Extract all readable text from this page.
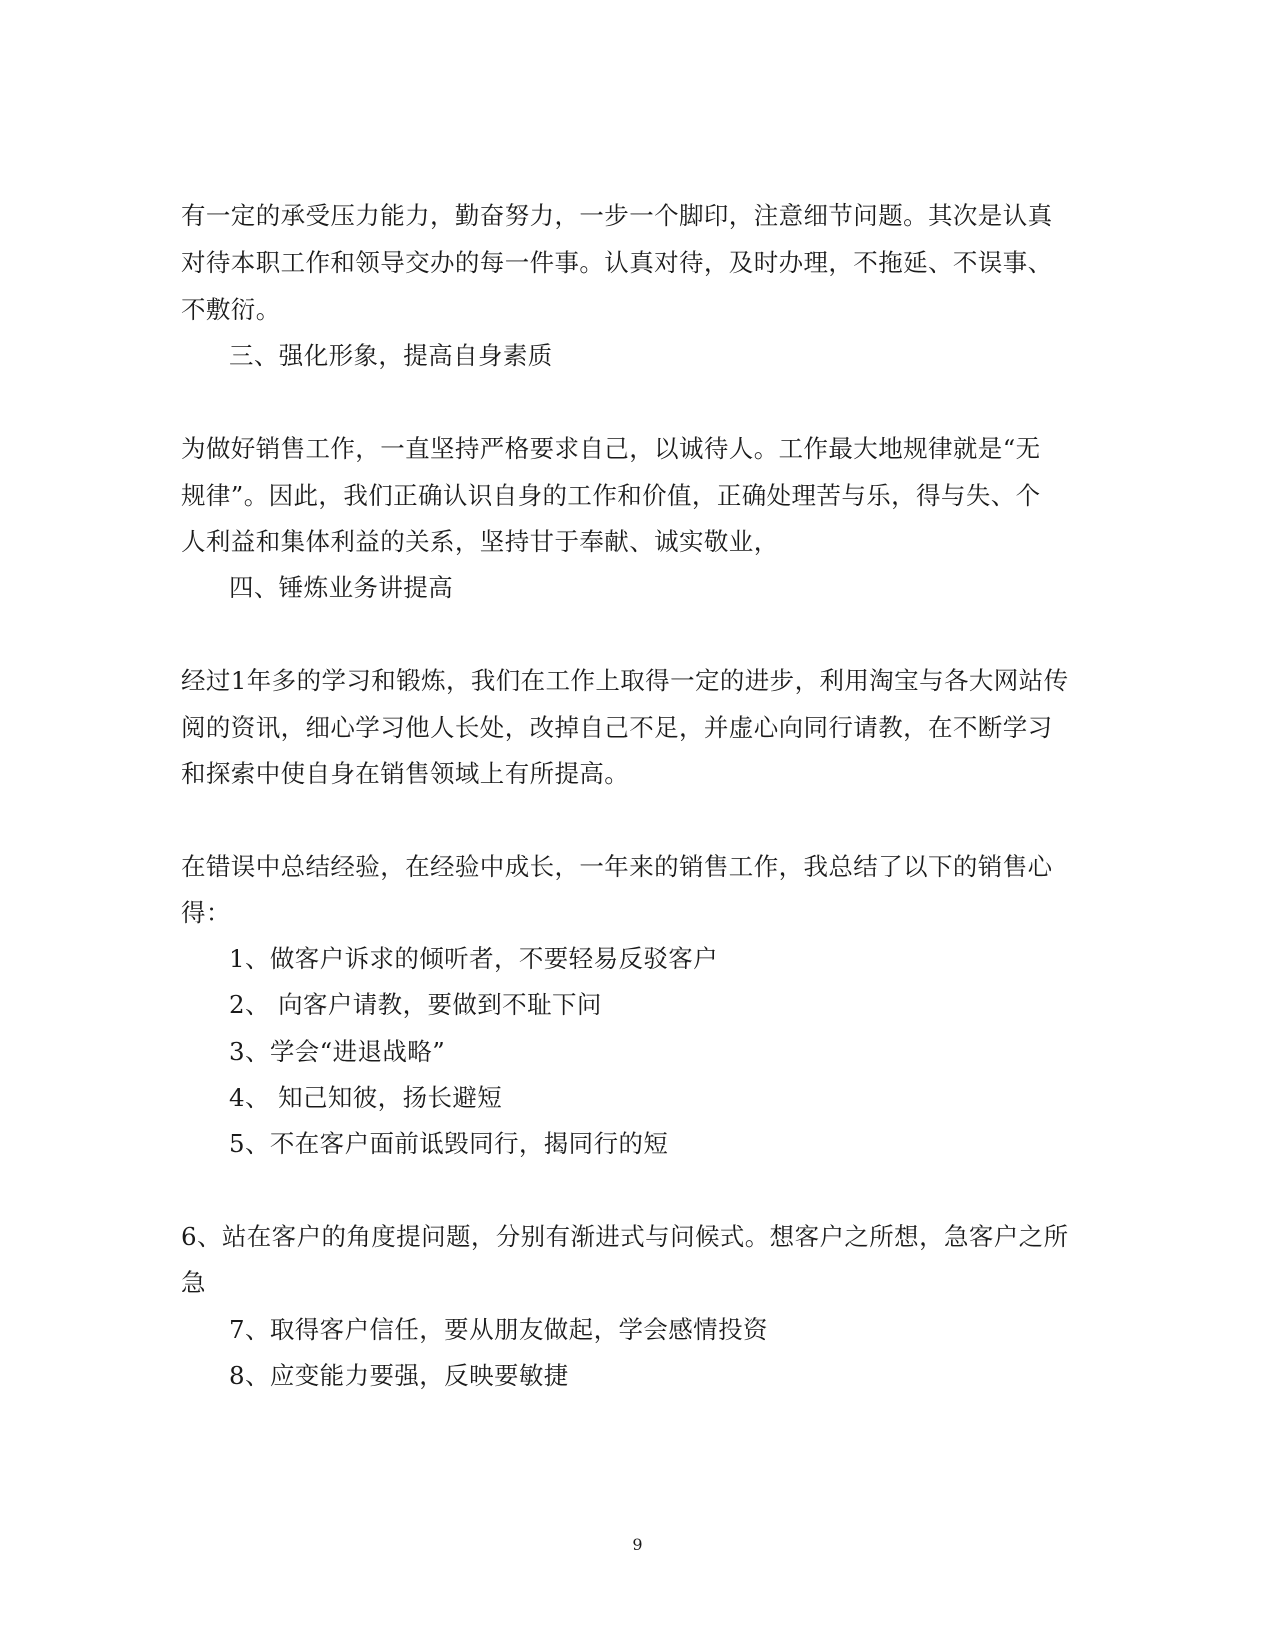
有一定的承受压力能力，勤奋努力，一步一个脚印，注意细节问题。其次是认真
对待本职工作和领导交办的每一件事。认真对待，及时办理，不拖延、不误事、
不敷衍。
三、强化形象，提高自身素质
为做好销售工作，一直坚持严格要求自己，以诚待人。工作最大地规律就是“无
规律”。因此，我们正确认识自身的工作和价值，正确处理苦与乐，得与失、个
人利益和集体利益的关系，坚持甘于奉献、诚实敬业，
四、锤炼业务讲提高
经过1年多的学习和锻炼，我们在工作上取得一定的进步，利用淘宝与各大网站传
阅的资讯，细心学习他人长处，改掉自己不足，并虚心向同行请教，在不断学习
和探索中使自身在销售领域上有所提高。
在错误中总结经验，在经验中成长，一年来的销售工作，我总结了以下的销售心
得：
1、做客户诉求的倾听者，不要轻易反驳客户
2、 向客户请教，要做到不耻下问
3、学会“进退战略”
4、 知己知彼，扬长避短
5、不在客户面前诋毁同行，揭同行的短
6、站在客户的角度提问题，分别有渐进式与问候式。想客户之所想，急客户之所
急
7、取得客户信任，要从朋友做起，学会感情投资
8、应变能力要强，反映要敏捷
9
